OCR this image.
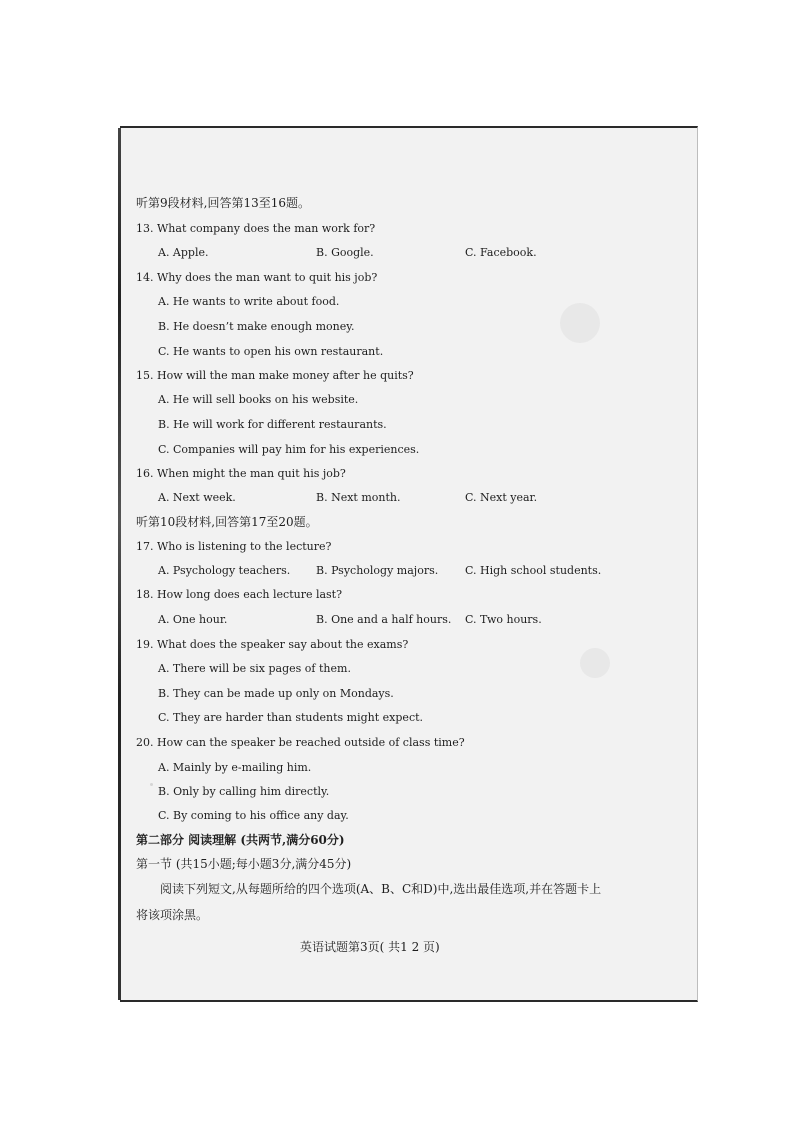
听第9段材料,回答第13至16题。
13. What company does the man work for?
A. Apple.	B. Google.	C. Facebook.
14. Why does the man want to quit his job?
A. He wants to write about food.
B. He doesn’t make enough money.
C. He wants to open his own restaurant.
15. How will the man make money after he quits?
A. He will sell books on his website.
B. He will work for different restaurants.
C. Companies will pay him for his experiences.
16. When might the man quit his job?
A. Next week.	B. Next month.	C. Next year.
听第10段材料,回答第17至20题。
17. Who is listening to the lecture?
A. Psychology teachers. B. Psychology majors. C. High school students.
18. How long does each lecture last?
A. One hour.	B. One and a half hours. C. Two hours.
19. What does the speaker say about the exams?
A. There will be six pages of them.
B. They can be made up only on Mondays.
C. They are harder than students might expect.
20. How can the speaker be reached outside of class time?
A. Mainly by e-mailing him.
B. Only by calling him directly.
C. By coming to his office any day.
第二部分 阅读理解 (共两节,满分60分)
第一节 (共15小题;每小题3分,满分45分)
阅读下列短文,从每题所给的四个选项(A、B、C和D)中,选出最佳选项,并在答题卡上
将该项涂黑。
英语试题第3页( 共1 2 页)
